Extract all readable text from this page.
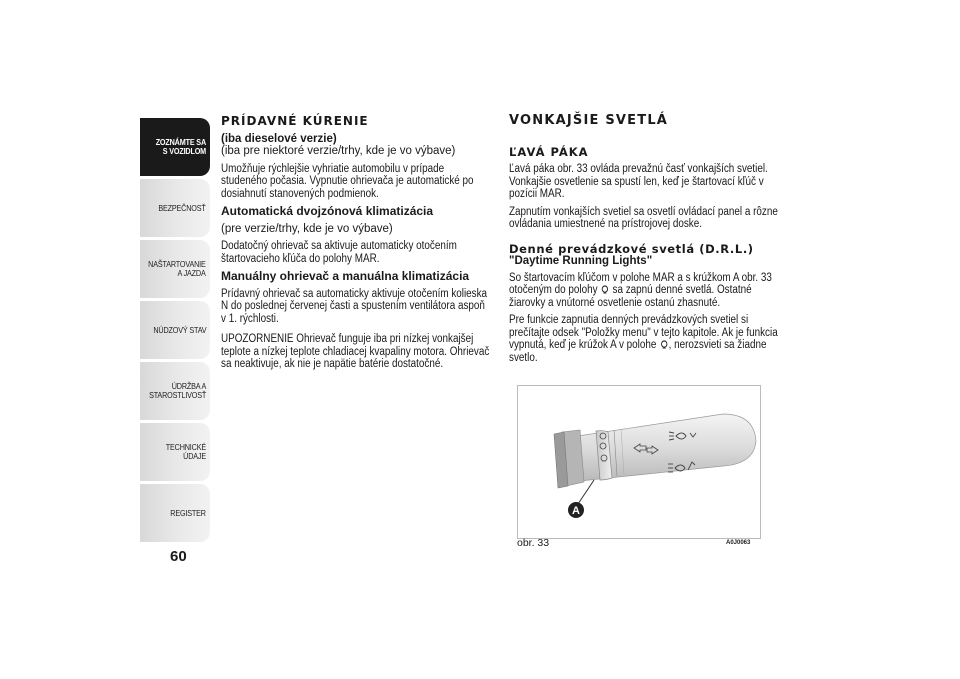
ZOZNÁMTE SA S VOZIDLOM
BEZPEČNOSŤ
NAŠTARTOVANIE A JAZDA
NÚDZOVÝ STAV
ÚDRŽBA A STAROSTLIVOSŤ
TECHNICKÉ ÚDAJE
REGISTER
60

PRÍDAVNÉ KÚRENIE

(iba dieselové verzie)

(iba pre niektoré verzie/trhy, kde je vo výbave)

Umožňuje rýchlejšie vyhriatie automobilu v prípade studeného počasia. Vypnutie ohrievača je automatické po dosiahnutí stanovených podmienok.

Automatická dvojzónová klimatizácia

(pre verzie/trhy, kde je vo výbave)

Dodatočný ohrievač sa aktivuje automaticky otočením štartovacieho kľúča do polohy MAR.

Manuálny ohrievač a manuálna klimatizácia

Prídavný ohrievač sa automaticky aktivuje otočením kolieska N do poslednej červenej časti a spustením ventilátora aspoň v 1. rýchlosti.

UPOZORNENIE Ohrievač funguje iba pri nízkej vonkajšej teplote a nízkej teplote chladiacej kvapaliny motora. Ohrievač sa neaktivuje, ak nie je napätie batérie dostatočné.

VONKAJŠIE SVETLÁ

ĽAVÁ PÁKA

Ľavá páka obr. 33 ovláda prevažnú časť vonkajších svetiel. Vonkajšie osvetlenie sa spustí len, keď je štartovací kľúč v pozícii MAR.

Zapnutím vonkajších svetiel sa osvetlí ovládací panel a rôzne ovládania umiestnené na prístrojovej doske.

Denné prevádzkové svetlá (D.R.L.)

"Daytime Running Lights"

So štartovacím kľúčom v polohe MAR a s krúžkom A obr. 33 otočeným do polohy sa zapnú denné svetlá. Ostatné žiarovky a vnútorné osvetlenie ostanú zhasnuté.

Pre funkcie zapnutia denných prevádzkových svetiel si prečítajte odsek "Položky menu" v tejto kapitole. Ak je funkcia vypnutá, keď je krúžok A v polohe , nerozsvieti sa žiadne svetlo.

A
obr. 33	A0J0063
